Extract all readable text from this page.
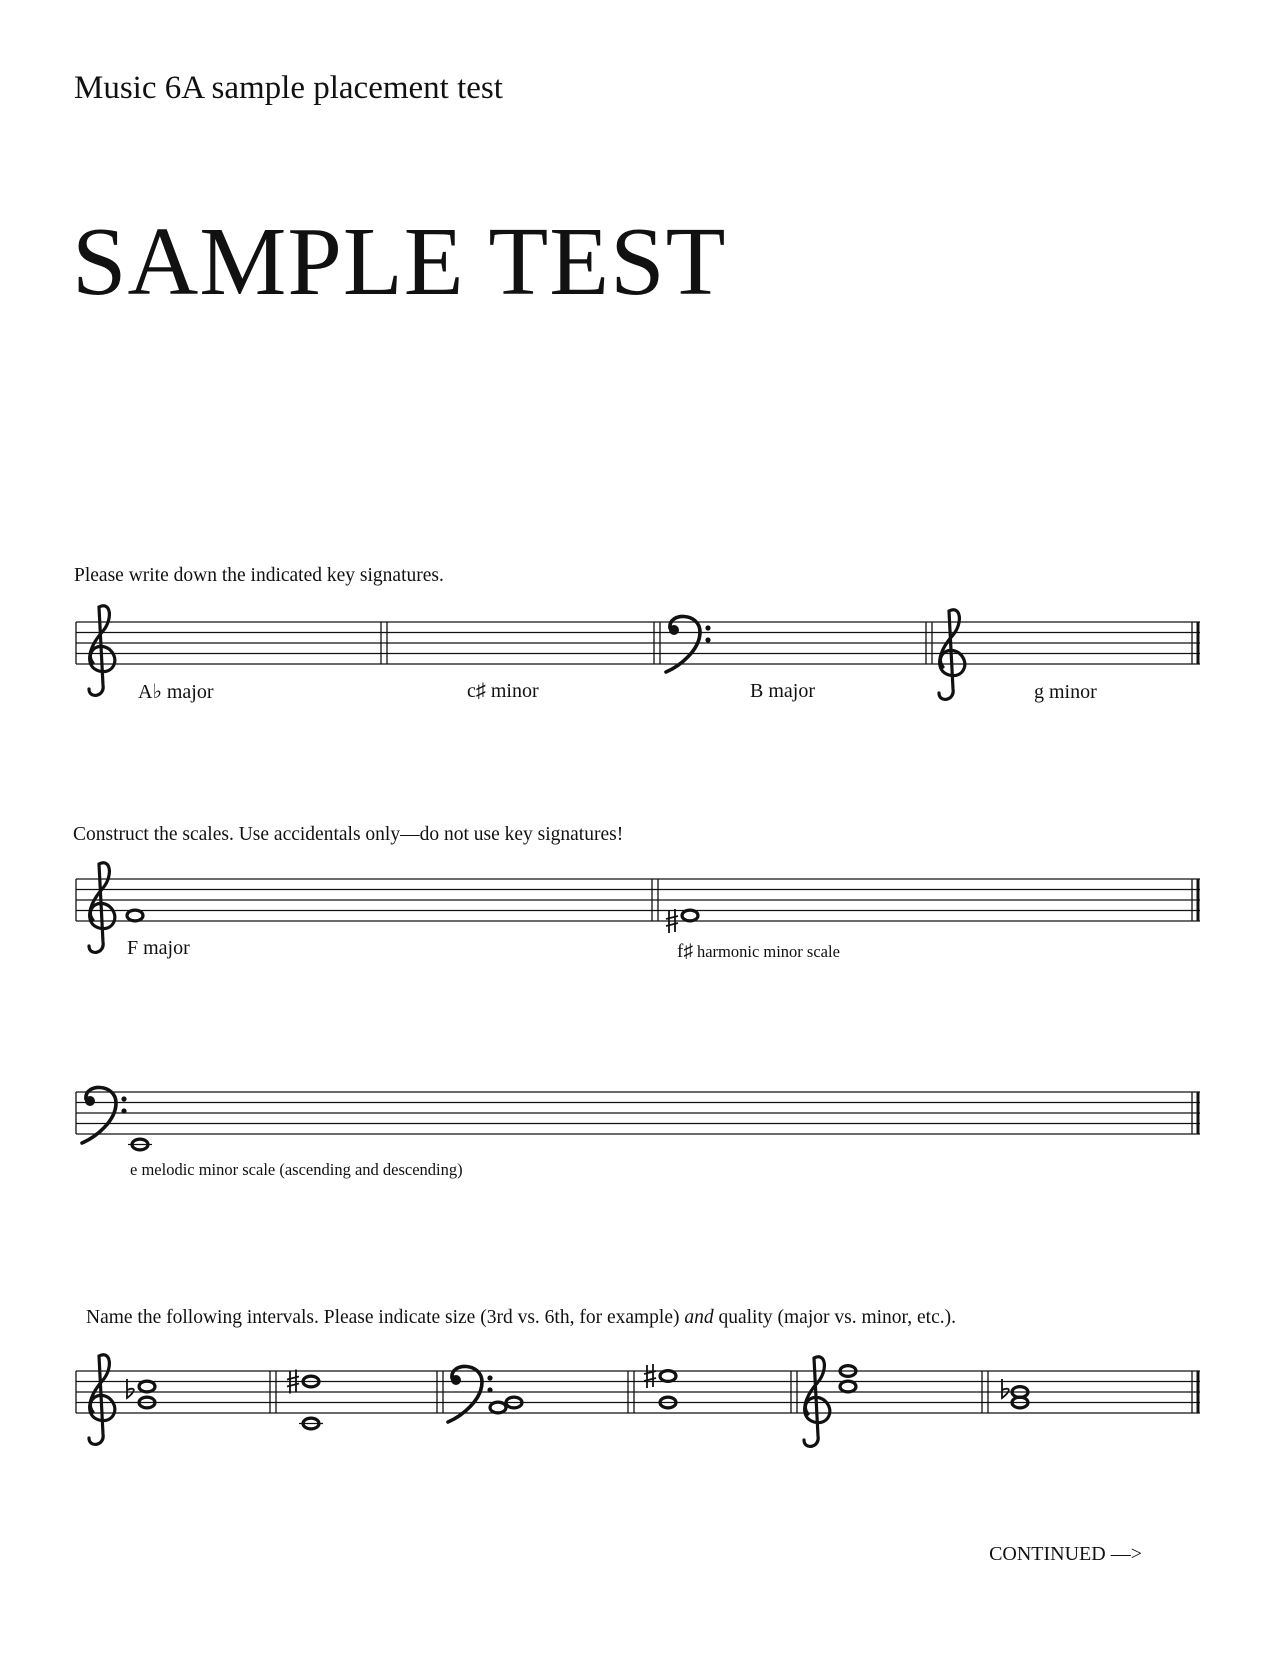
Music 6A sample placement test
SAMPLE TEST
Please write down the indicated key signatures.
A♭ major	c♯ minor	B major	g minor
Construct the scales. Use accidentals only—do not use key signatures!
F major	f♯ harmonic minor scale
e melodic minor scale (ascending and descending)
Name the following intervals. Please indicate size (3rd vs. 6th, for example) and quality (major vs. minor, etc.).
CONTINUED —>
